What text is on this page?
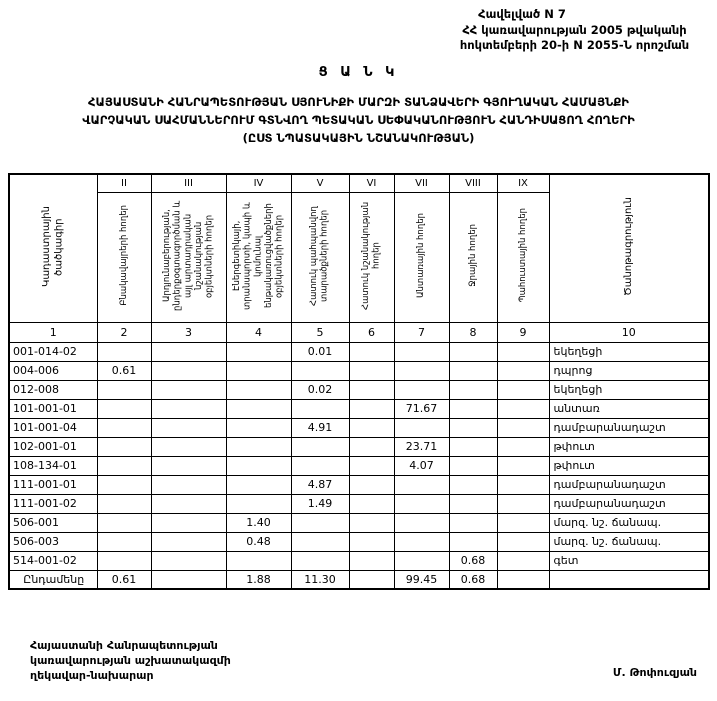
Հավելված N 7
ՀՀ կառավարության 2005 թվականի
հոկտեմբերի 20-ի N 2055-Ն որոշման
Ց Ա Ն Կ
ՀԱՅԱՍՏԱՆԻ ՀԱՆՐԱՊԵՏՈՒԹՅԱՆ ՍՅՈՒՆԻՔԻ ՄԱՐԶԻ ՏԱՆՁԱՎԵՐԻ ԳՅՈՒՂԱԿԱՆ ՀԱՄԱՅՆՔԻ
ՎԱՐՉԱԿԱՆ ՍԱՀՄԱՆՆԵՐՈՒՄ ԳՏՆՎՈՂ ՊԵՏԱԿԱՆ ՍԵՓԱԿԱՆՈՒԹՅՈՒՆ ՀԱՆԴԻՍԱՑՈՂ ՀՈՂԵՐԻ
(ԸՍՏ ՆՊԱՏԱԿԱՅԻՆ ՆՇԱՆԱԿՈՒԹՅԱՆ)
Կադաստրային ծածկագիր	II	III	IV	V	VI	VII	VIII	IX	Ծանոթագրություն
	Բնակավայրերի հողեր	Արդյունաբերության, ընդերքօգտագործման և այլ արտադրական նշանակության օբյեկտների հողեր	Էներգետիկայի, տրանսպորտի, կապի և կոմունալ ենթակառուցվածքների օբյեկտների հողեր	Հատուկ պահպանվող տարածքների հողեր	Հատուկ նշանակության հողեր	Անտառային հողեր	Ջրային հողեր	Պահուստային հողեր	
1	2	3	4	5	6	7	8	9	10
001-014-02				0.01					եկեղեցի
004-006	0.61								դպրոց
012-008				0.02					եկեղեցի
101-001-01						71.67			անտառ
101-001-04				4.91					դամբարանադաշտ
102-001-01						23.71			թփուտ
108-134-01						4.07			թփուտ
111-001-01				4.87					դամբարանադաշտ
111-001-02				1.49					դամբարանադաշտ
506-001			1.40						մարզ. նշ. ճանապ.
506-003			0.48						մարզ. նշ. ճանապ.
514-001-02							0.68		գետ
Ընդամենը	0.61		1.88	11.30		99.45	0.68		
Հայաստանի Հանրապետության
կառավարության աշխատակազմի
ղեկավար-նախարար	Մ. Թոփուզյան
